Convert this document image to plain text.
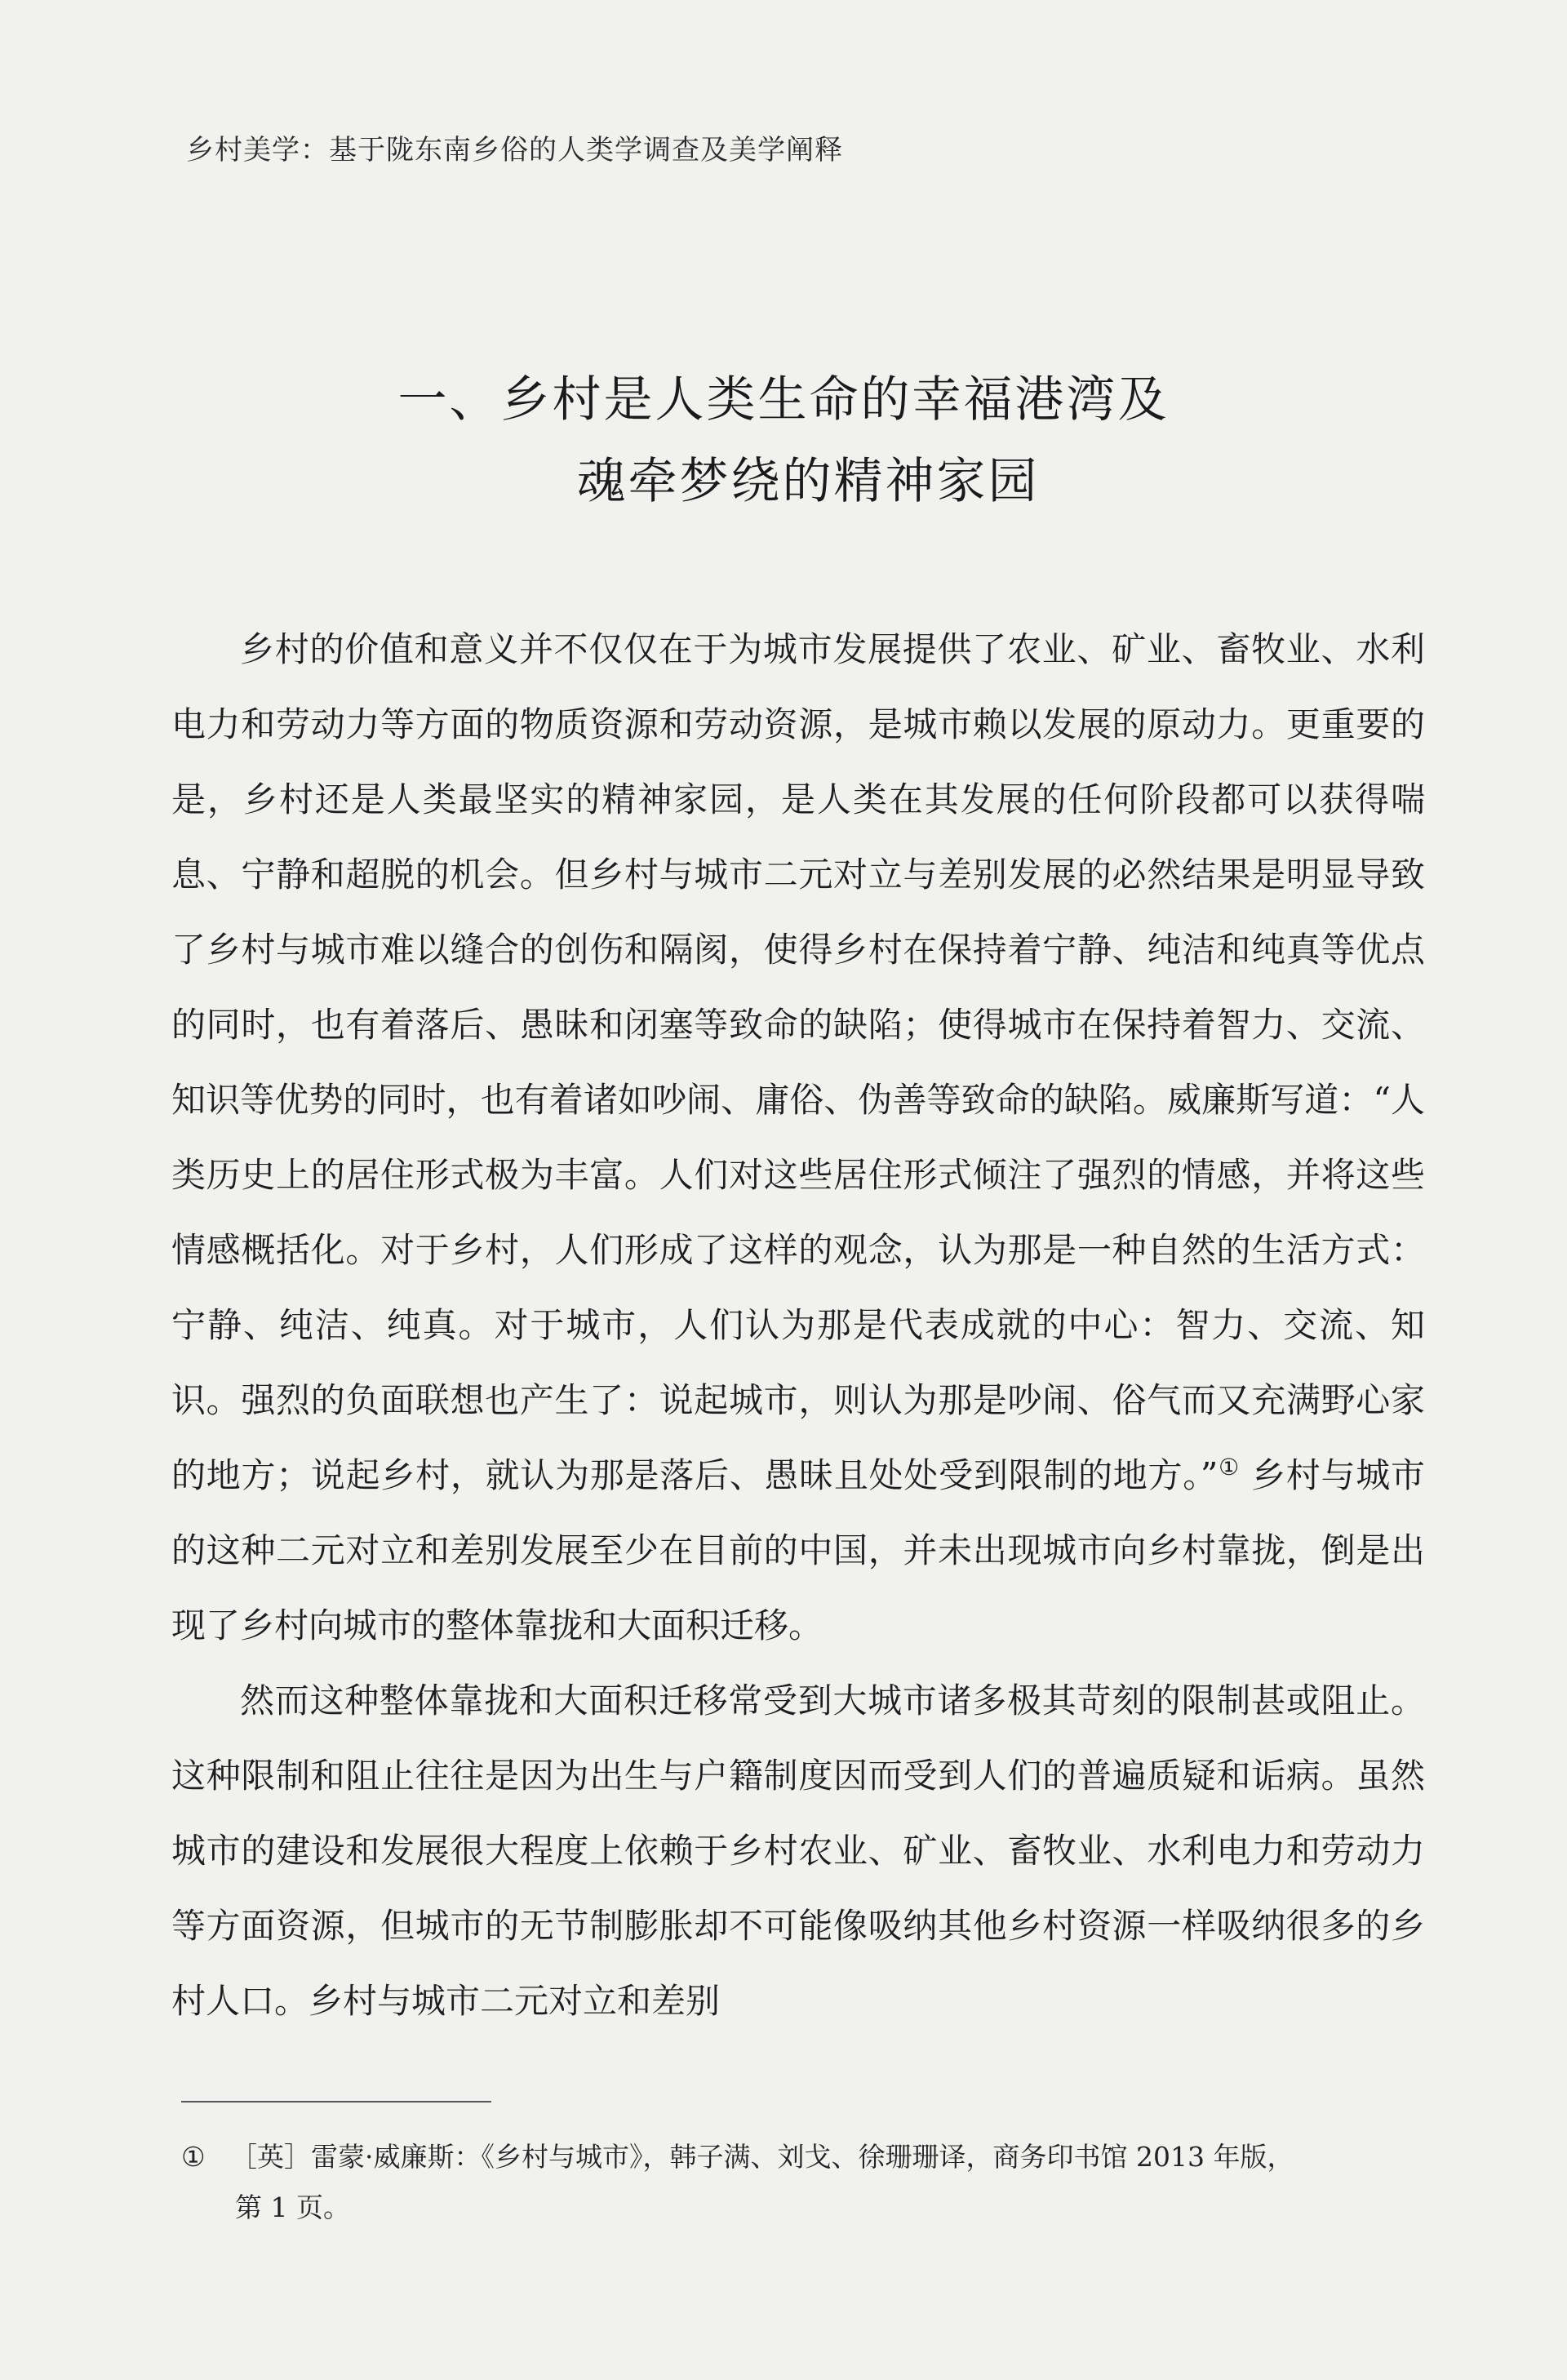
乡村美学：基于陇东南乡俗的人类学调查及美学阐释
一、乡村是人类生命的幸福港湾及
魂牵梦绕的精神家园

乡村的价值和意义并不仅仅在于为城市发展提供了农业、矿业、畜牧业、水利电力和劳动力等方面的物质资源和劳动资源，是城市赖以发展的原动力。更重要的是，乡村还是人类最坚实的精神家园，是人类在其发展的任何阶段都可以获得喘息、宁静和超脱的机会。但乡村与城市二元对立与差别发展的必然结果是明显导致了乡村与城市难以缝合的创伤和隔阂，使得乡村在保持着宁静、纯洁和纯真等优点的同时，也有着落后、愚昧和闭塞等致命的缺陷；使得城市在保持着智力、交流、知识等优势的同时，也有着诸如吵闹、庸俗、伪善等致命的缺陷。威廉斯写道：“人类历史上的居住形式极为丰富。人们对这些居住形式倾注了强烈的情感，并将这些情感概括化。对于乡村，人们形成了这样的观念，认为那是一种自然的生活方式：宁静、纯洁、纯真。对于城市，人们认为那是代表成就的中心：智力、交流、知识。强烈的负面联想也产生了：说起城市，则认为那是吵闹、俗气而又充满野心家的地方；说起乡村，就认为那是落后、愚昧且处处受到限制的地方。”① 乡村与城市的这种二元对立和差别发展至少在目前的中国，并未出现城市向乡村靠拢，倒是出现了乡村向城市的整体靠拢和大面积迁移。

然而这种整体靠拢和大面积迁移常受到大城市诸多极其苛刻的限制甚或阻止。这种限制和阻止往往是因为出生与户籍制度因而受到人们的普遍质疑和诟病。虽然城市的建设和发展很大程度上依赖于乡村农业、矿业、畜牧业、水利电力和劳动力等方面资源，但城市的无节制膨胀却不可能像吸纳其他乡村资源一样吸纳很多的乡村人口。乡村与城市二元对立和差别

① ［英］雷蒙·威廉斯：《乡村与城市》，韩子满、刘戈、徐珊珊译，商务印书馆 2013 年版，
第 1 页。
